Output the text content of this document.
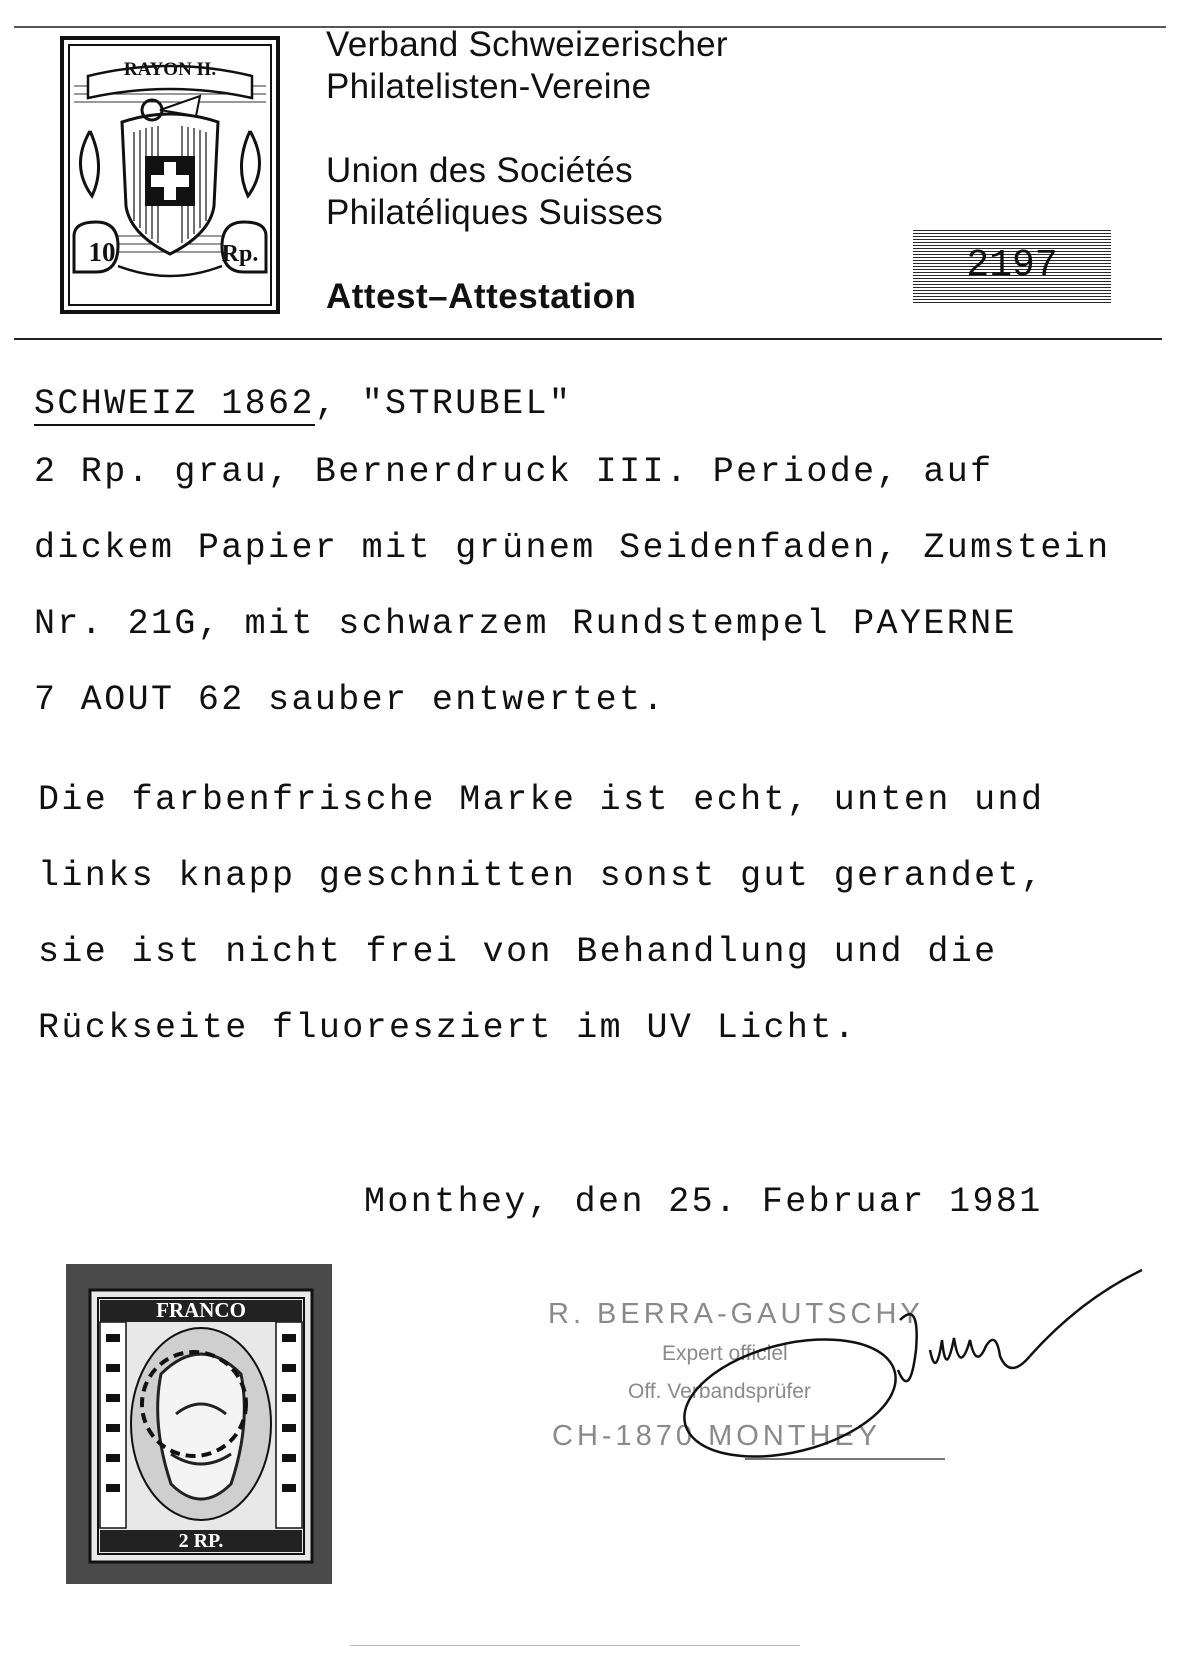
RAYON II.
10	Rp.
Verband Schweizerischer
Philatelisten-Vereine
Union des Sociétés
Philatéliques Suisses
Attest–Attestation
2197
SCHWEIZ 1862, "STRUBEL"
2 Rp. grau, Bernerdruck III. Periode, auf
dickem Papier mit grünem Seidenfaden, Zumstein
Nr. 21G, mit schwarzem Rundstempel PAYERNE
7 AOUT 62 sauber entwertet.
Die farbenfrische Marke ist echt, unten und
links knapp geschnitten sonst gut gerandet,
sie ist nicht frei von Behandlung und die
Rückseite fluoresziert im UV Licht.
Monthey, den 25. Februar 1981
FRANCO
2 RP.
R. BERRA-GAUTSCHY
Expert officiel
Off. Verbandsprüfer
CH-1870 MONTHEY
